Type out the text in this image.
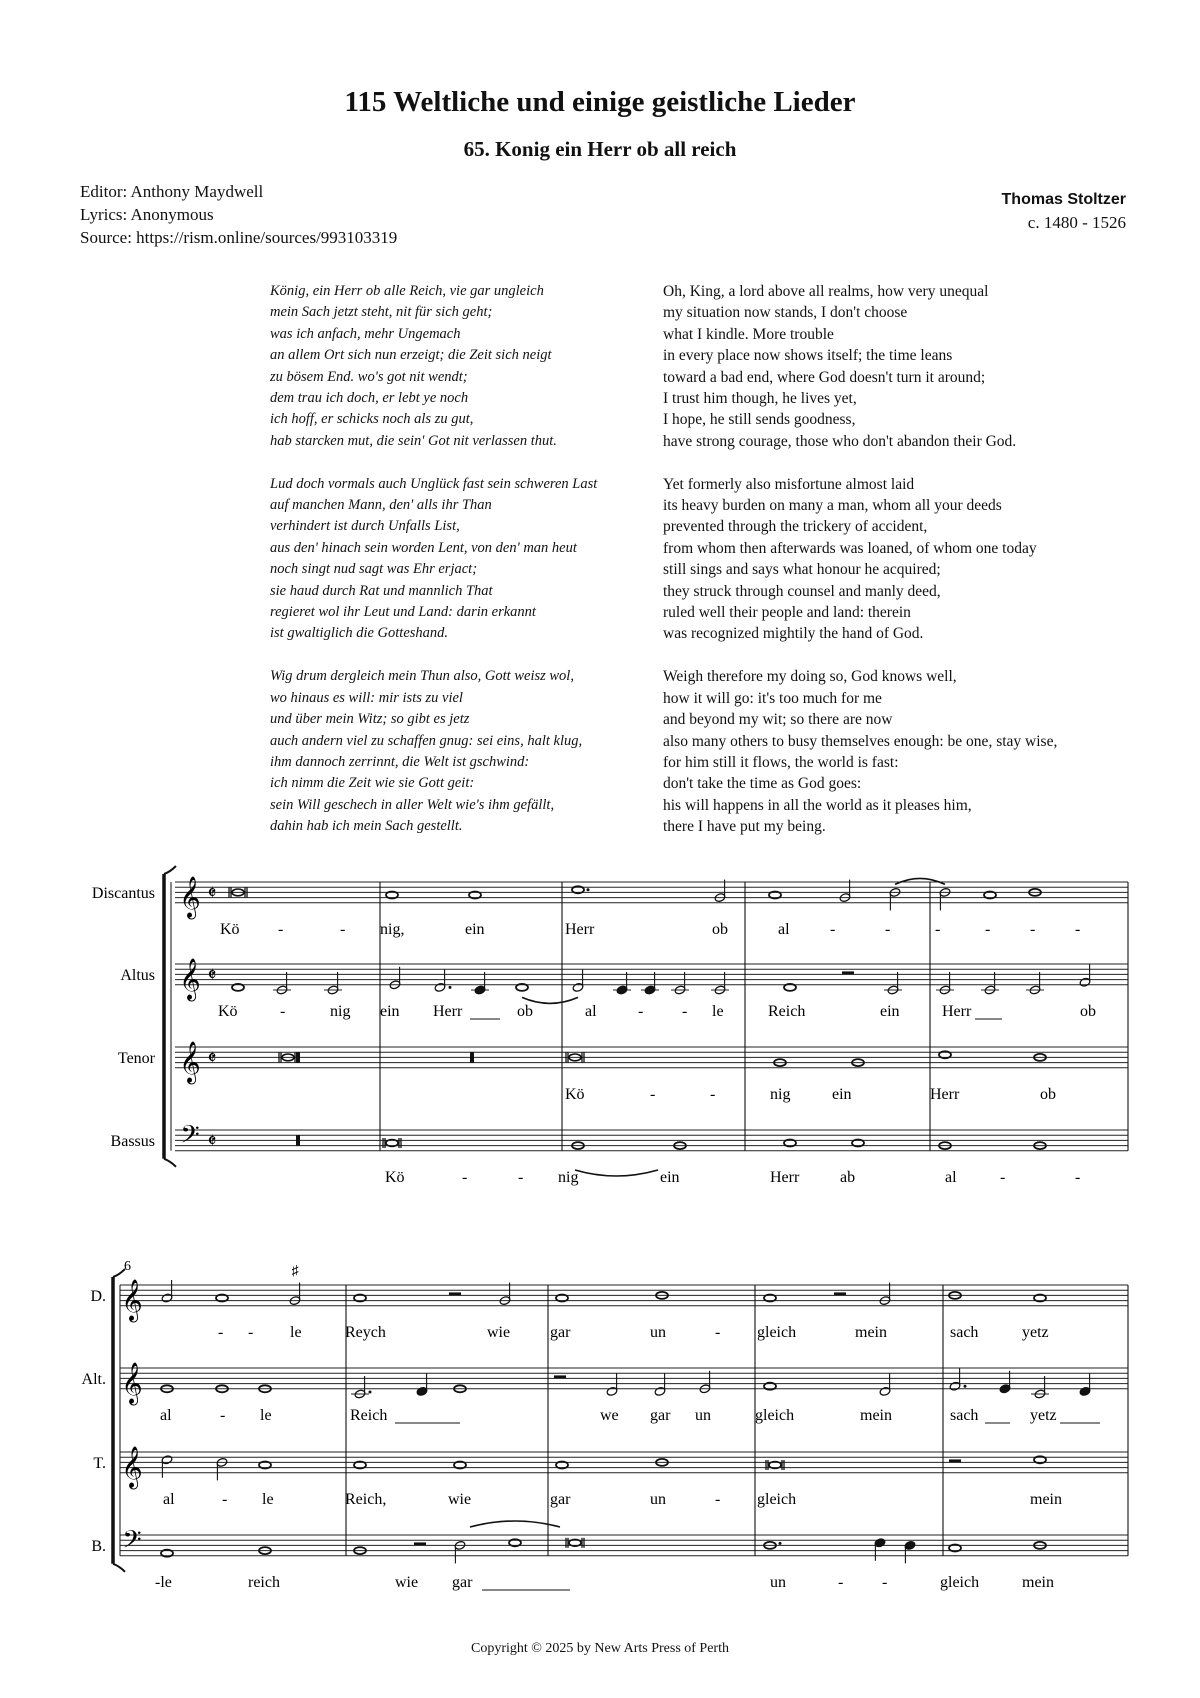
115 Weltliche und einige geistliche Lieder
65. Konig ein Herr ob all reich
Editor: Anthony Maydwell
Lyrics: Anonymous
Source: https://rism.online/sources/993103319
Thomas Stoltzer
c. 1480 - 1526
König, ein Herr ob alle Reich, vie gar ungleich
mein Sach jetzt steht, nit für sich geht;
was ich anfach, mehr Ungemach
an allem Ort sich nun erzeigt; die Zeit sich neigt
zu bösem End. wo's got nit wendt;
dem trau ich doch, er lebt ye noch
ich hoff, er schicks noch als zu gut,
hab starcken mut, die sein' Got nit verlassen thut.
Lud doch vormals auch Unglück fast sein schweren Last
auf manchen Mann, den' alls ihr Than
verhindert ist durch Unfalls List,
aus den' hinach sein worden Lent, von den' man heut
noch singt nud sagt was Ehr erjact;
sie haud durch Rat und mannlich That
regieret wol ihr Leut und Land: darin erkannt
ist gwaltiglich die Gotteshand.
Wig drum dergleich mein Thun also, Gott weisz wol,
wo hinaus es will: mir ists zu viel
und über mein Witz; so gibt es jetz
auch andern viel zu schaffen gnug: sei eins, halt klug,
ihm dannoch zerrinnt, die Welt ist gschwind:
ich nimm die Zeit wie sie Gott geit:
sein Will geschech in aller Welt wie's ihm gefällt,
dahin hab ich mein Sach gestellt.
Oh, King, a lord above all realms, how very unequal
my situation now stands, I don't choose
what I kindle. More trouble
in every place now shows itself; the time leans
toward a bad end, where God doesn't turn it around;
I trust him though, he lives yet,
I hope, he still sends goodness,
have strong courage, those who don't abandon their God.
Yet formerly also misfortune almost laid
its heavy burden on many a man, whom all your deeds
prevented through the trickery of accident,
from whom then afterwards was loaned, of whom one today
still sings and says what honour he acquired;
they struck through counsel and manly deed,
ruled well their people and land: therein
was recognized mightily the hand of God.
Weigh therefore my doing so, God knows well,
how it will go: it's too much for me
and beyond my wit; so there are now
also many others to busy themselves enough: be one, stay wise,
for him still it flows, the world is fast:
don't take the time as God goes:
his will happens in all the world as it pleases him,
there I have put my being.
Discantus
Altus
Tenor
Bassus
𝄞 𝄵
𝄞 𝄵
𝄞 𝄵
𝄢 𝄵
Kö -	- nig,	ein	Herr	ob	al	-	-	-	- - -
Kö	-	nig ein Herr	ob	al	- - le	Reich	ein	Herr	ob
Kö	-	-	nig	ein	Herr	ob
Kö	-	- nig	ein	Herr	ab	al	-	-
6
D.
Alt.
T.
B.
𝄞
𝄞
𝄞
𝄢
♯
- - le	Reych	wie gar	un	- gleich	mein	sach	yetz
al	- le	Reich	we gar un	gleich	mein	sach	yetz
al	- le	Reich,	wie	gar	un	- gleich	mein
-le	reich	wie gar	un	- -	gleich	mein
Copyright © 2025 by New Arts Press of Perth
